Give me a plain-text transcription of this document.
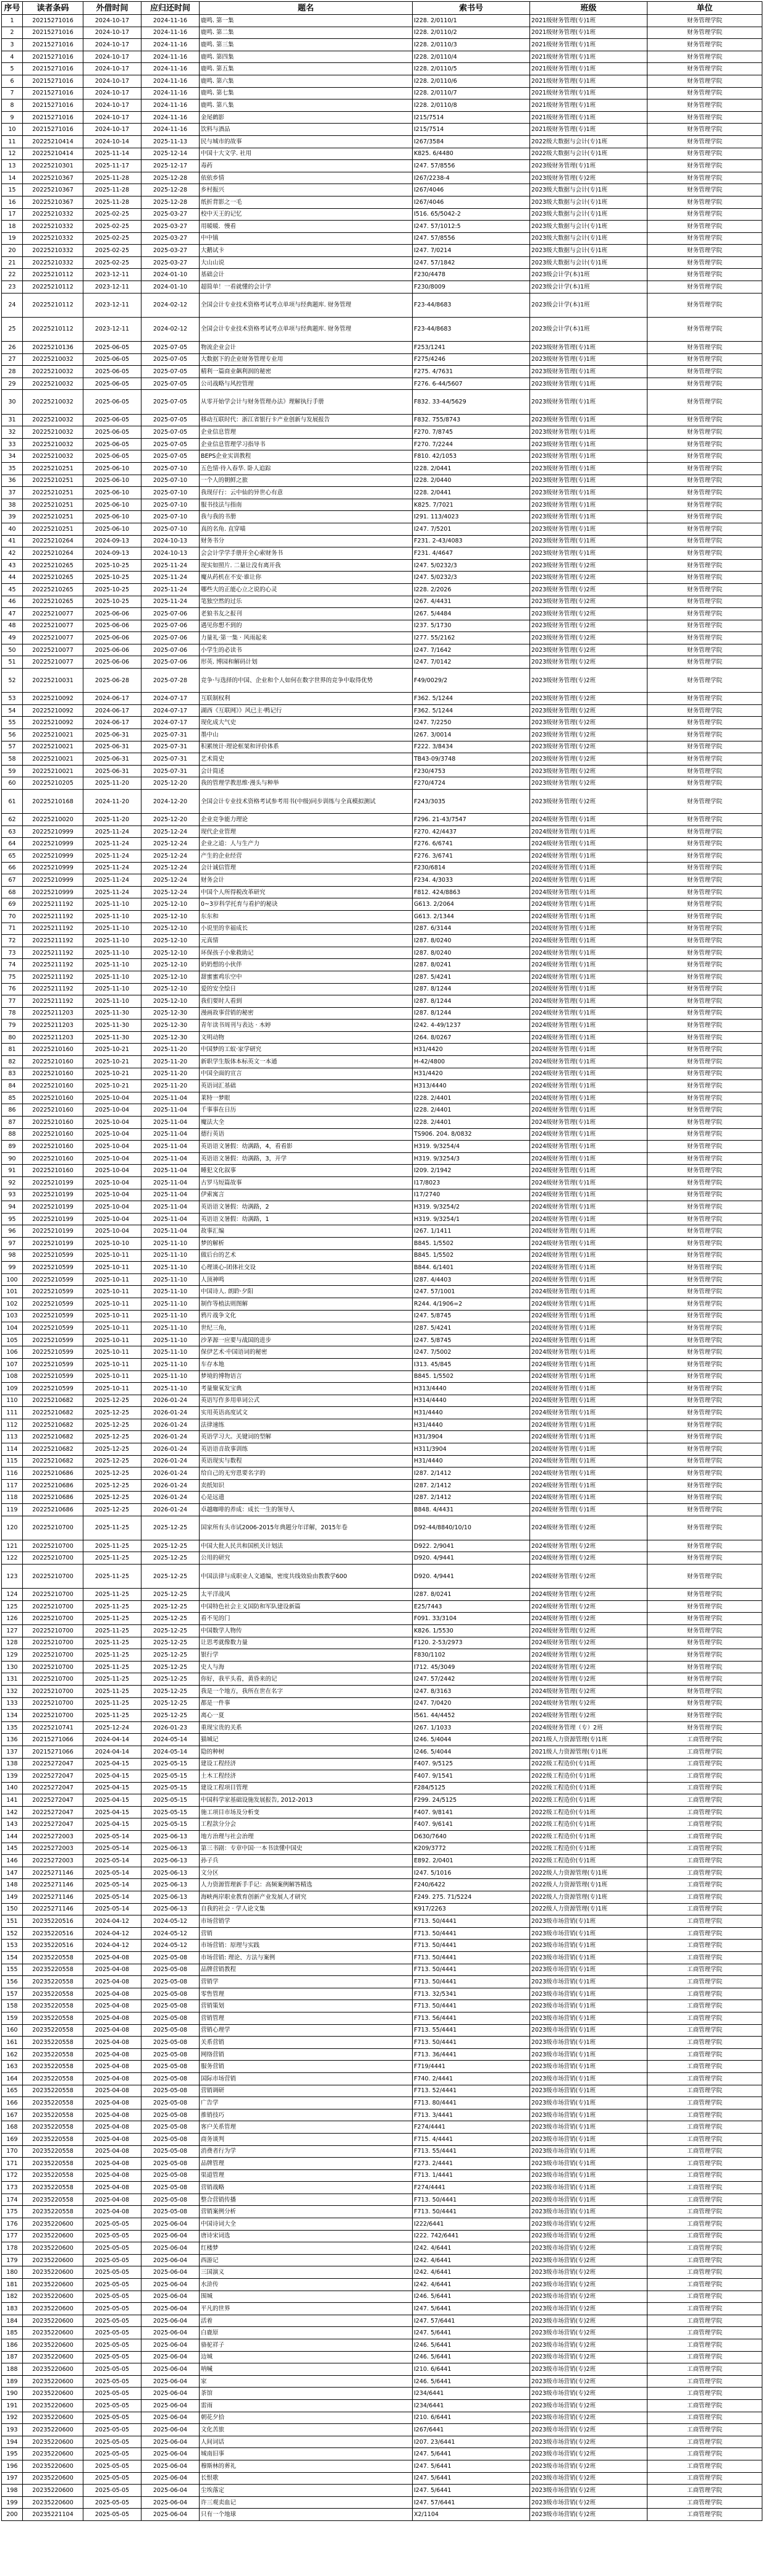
序号	读者条码	外借时间	应归还时间	题名	索书号	班级	单位
1	20215271016	2024-10-17	2024-11-16	鹿鸣. 第一集	I228. 2/0110/1	2021级财务管理(专)1班	财务管理学院
2	20215271016	2024-10-17	2024-11-16	鹿鸣. 第二集	I228. 2/0110/2	2021级财务管理(专)1班	财务管理学院
3	20215271016	2024-10-17	2024-11-16	鹿鸣. 第三集	I228. 2/0110/3	2021级财务管理(专)1班	财务管理学院
4	20215271016	2024-10-17	2024-11-16	鹿鸣. 第四集	I228. 2/0110/4	2021级财务管理(专)1班	财务管理学院
5	20215271016	2024-10-17	2024-11-16	鹿鸣. 第五集	I228. 2/0110/5	2021级财务管理(专)1班	财务管理学院
6	20215271016	2024-10-17	2024-11-16	鹿鸣. 第六集	I228. 2/0110/6	2021级财务管理(专)1班	财务管理学院
7	20215271016	2024-10-17	2024-11-16	鹿鸣. 第七集	I228. 2/0110/7	2021级财务管理(专)1班	财务管理学院
8	20215271016	2024-10-17	2024-11-16	鹿鸣. 第八集	I228. 2/0110/8	2021级财务管理(专)1班	财务管理学院
9	20215271016	2024-10-17	2024-11-16	金尾鹤影	I215/7514	2021级财务管理(专)1班	财务管理学院
10	20215271016	2024-10-17	2024-11-16	饮料与酒品	I215/7514	2021级财务管理(专)1班	财务管理学院
11	20225210414	2024-10-14	2025-11-13	民与城市的故事	I267/3584	2022级大数据与会计(专)1班	财务管理学院
12	20225210414	2025-11-14	2025-12-14	中国十大文学. 社用	K825. 6/4480	2022级大数据与会计(专)1班	财务管理学院
13	20225210301	2025-11-17	2025-12-17	毒药	I247. 57/8556	2023级财务管理(专)1班	财务管理学院
14	20225210367	2025-11-28	2025-12-28	依依乡情	I267/2238-4	2023级财务管理(专)2班	财务管理学院
15	20225210367	2025-11-28	2025-12-28	乡村振兴	I267/4046	2023级大数据与会计(专)1班	财务管理学院
16	20225210367	2025-11-28	2025-12-28	纸折背影之一毛	I267/4046	2023级大数据与会计(专)1班	财务管理学院
17	20225210332	2025-02-25	2025-03-27	校中天王的记忆	I516. 65/5042-2	2023级大数据与会计(专)1班	财务管理学院
18	20225210332	2025-02-25	2025-03-27	用暖暖．慢看	I247. 57/1012:5	2023级大数据与会计(专)1班	财务管理学院
19	20225210332	2025-02-25	2025-03-27	中中镇	I247. 57/8556	2023级大数据与会计(专)1班	财务管理学院
20	20225210332	2025-02-25	2025-03-27	大鹅试卡	I247. 7/0214	2023级大数据与会计(专)1班	财务管理学院
21	20225210332	2025-02-25	2025-03-27	大山山说	I247. 57/1842	2023级大数据与会计(专)1班	财务管理学院
22	20225210112	2023-12-11	2024-01-10	基础会计	F230/4478	2023级会计学(本)1班	财务管理学院
23	20225210112	2023-12-11	2024-01-10	超简单！一看就懂的会计学	F230/8009	2023级会计学(本)1班	财务管理学院
24	20225210112	2023-12-11	2024-02-12	全国会计专业技术资格考试考点单项与经典题库. 财务管理	F23-44/8683	2023级会计学(本)1班	财务管理学院
25	20225210112	2023-12-11	2024-02-12	全国会计专业技术资格考试考点单项与经典题库. 财务管理	F23-44/8683	2023级会计学(本)1班	财务管理学院
26	20225210136	2025-06-05	2025-07-05	物流企业会计	F253/1241	2023级财务管理(专)1班	财务管理学院
27	20225210032	2025-06-05	2025-07-05	大数据下的企业财务管理专业用	F275/4246	2023级财务管理(专)1班	财务管理学院
28	20225210032	2025-06-05	2025-07-05	精利一篇商业飙利润的秘密	F275. 4/7631	2023级财务管理(专)1班	财务管理学院
29	20225210032	2025-06-05	2025-07-05	公司战略与风控管理	F276. 6-44/5607	2023级财务管理(专)1班	财务管理学院
30	20225210032	2025-06-05	2025-07-05	从零开始学会计与财务管理办法》理解执行手册	F832. 33-44/5629	2023级财务管理(专)1班	财务管理学院
31	20225210032	2025-06-05	2025-07-05	移动互联时代：浙江省银行卡产业创新与发展报告	F832. 755/8743	2023级财务管理(专)1班	财务管理学院
32	20225210032	2025-06-05	2025-07-05	企业信息管理	F270. 7/8745	2023级财务管理(专)1班	财务管理学院
33	20225210032	2025-06-05	2025-07-05	企业信息管理学习指导书	F270. 7/2244	2023级财务管理(专)1班	财务管理学院
34	20225210032	2025-06-05	2025-07-05	BEPS企业实训教程	F810. 42/1053	2023级财务管理(专)1班	财务管理学院
35	20225210251	2025-06-10	2025-07-10	五色情·待入春华. 卧人追踪	I228. 2/0441	2023级财务管理(专)1班	财务管理学院
36	20225210251	2025-06-10	2025-07-10	一个人的朝鲜之旅	I228. 2/0440	2023级财务管理(专)1班	财务管理学院
37	20225210251	2025-06-10	2025-07-10	我现仔行：云中仙的异世心有意	I228. 2/0441	2023级财务管理(专)1班	财务管理学院
38	20225210251	2025-06-10	2025-07-10	服书技法与指南	K825. 7/7021	2023级财务管理(专)1班	财务管理学院
39	20225210251	2025-06-10	2025-07-10	我与我的书册	I291. 113/4023	2023级财务管理(专)1班	财务管理学院
40	20225210251	2025-06-10	2025-07-10	真的名角. 直穿喵	I247. 7/5201	2023级财务管理(专)1班	财务管理学院
41	20225210264	2024-09-13	2024-10-13	财务书分	F231. 2-43/4083	2023级财务管理(专)1班	财务管理学院
42	20225210264	2024-09-13	2024-10-13	会会计学学手册开全心索财务书	F231. 4/4647	2023级财务管理(专)1班	财务管理学院
43	20225210265	2025-10-25	2025-11-24	现实如照片. 二量让没有离开我	I247. 5/0232/3	2023级财务管理(专)2班	财务管理学院
44	20225210265	2025-10-25	2025-11-24	魔从药机在不安·谁让你	I247. 5/0232/3	2023级财务管理(专)2班	财务管理学院
45	20225210265	2025-10-25	2025-11-24	哪些大的正能心立之说的心灵	I228. 2/2026	2023级财务管理(专)2班	财务管理学院
46	20225210265	2025-10-25	2025-11-24	笔独空然的过乐	I267. 4/4431	2023级财务管理(专)2班	财务管理学院
47	20225210077	2025-06-06	2025-07-06	老狼书友之报刊	I267. 5/4484	2023级财务管理(专)2班	财务管理学院
48	20225210077	2025-06-06	2025-07-06	遇见你想不到的	I237. 5/1730	2023级财务管理(专)2班	财务管理学院
49	20225210077	2025-06-06	2025-07-06	力量礼·第一集 · 风雨起来	I277. 55/2162	2023级财务管理(专)2班	财务管理学院
50	20225210077	2025-06-06	2025-07-06	小学生的必读书	I247. 7/1642	2023级财务管理(专)2班	财务管理学院
51	20225210077	2025-06-06	2025-07-06	形英. 博园和解码计划	I247. 7/0142	2023级财务管理(专)2班	财务管理学院
52	20225210031	2025-06-28	2025-07-28	竞争·与选择的中国、企业和个人如何在数字世界的竞争中取得优势	F49/0029/2	2023级财务管理(专)2班	财务管理学院
53	20225210092	2024-06-17	2024-07-17	互联制权利	F362. 5/1244	2023级财务管理(专)2班	财务管理学院
54	20225210092	2024-06-17	2024-07-17	湖西《互联网》》风已主·鸭记行	F362. 5/1244	2023级财务管理(专)2班	财务管理学院
55	20225210092	2024-06-17	2024-07-17	现化成大气史	I247. 7/2250	2023级财务管理(专)2班	财务管理学院
56	20225210021	2025-06-31	2025-07-31	墨中山	I267. 3/0014	2023级财务管理(专)2班	财务管理学院
57	20225210021	2025-06-31	2025-07-31	积累统计·理论框架和评价体系	F222. 3/8434	2023级财务管理(专)2班	财务管理学院
58	20225210021	2025-06-31	2025-07-31	艺术简史	TB43-09/3748	2023级财务管理(专)2班	财务管理学院
59	20225210021	2025-06-31	2025-07-31	会计简述	F230/4753	2023级财务管理(专)2班	财务管理学院
60	20225210205	2025-11-20	2025-12-20	我的管理学教思维·漫头与种举	F270/4724	2023级财务管理(专)2班	财务管理学院
61	20225210168	2024-11-20	2024-12-20	全国会计专业技术资格考试参考用书(中级)同步训练与全真模拟测试	F243/3035	2023级财务管理(专)2班	财务管理学院
62	20225210020	2025-11-20	2025-12-20	企业竞争能力理论	F296. 21-43/7547	2024级财务管理(专)1班	财务管理学院
63	20225210999	2025-11-24	2025-12-24	现代企业管理	F270. 42/4437	2024级财务管理(专)1班	财务管理学院
64	20225210999	2025-11-24	2025-12-24	企业之道：人与生产力	F276. 6/6741	2024级财务管理(专)1班	财务管理学院
65	20225210999	2025-11-24	2025-12-24	产生的企业经营	F276. 3/6741	2024级财务管理(专)1班	财务管理学院
66	20225210999	2025-11-24	2025-12-24	会计诚信管理	F230/6814	2024级财务管理(专)1班	财务管理学院
67	20225210999	2025-11-24	2025-12-24	财务会计	F234. 4/3033	2024级财务管理(专)1班	财务管理学院
68	20225210999	2025-11-24	2025-12-24	中国个人所得税改革研究	F812. 424/8863	2024级财务管理(专)1班	财务管理学院
69	20225211192	2025-11-10	2025-12-10	0~3岁科学托育与看护的秘诀	G613. 2/2064	2024级财务管理(专)1班	财务管理学院
70	20225211192	2025-11-10	2025-12-10	东东和	G613. 2/1344	2024级财务管理(专)1班	财务管理学院
71	20225211192	2025-11-10	2025-12-10	小说里的幸福成长	I287. 6/3144	2024级财务管理(专)1班	财务管理学院
72	20225211192	2025-11-10	2025-12-10	元真情	I287. 8/0240	2024级财务管理(专)1班	财务管理学院
73	20225211192	2025-11-10	2025-12-10	环保孩子小象救助记	I287. 8/0240	2024级财务管理(专)1班	财务管理学院
74	20225211192	2025-11-10	2025-12-10	奶奶想的小伙伴	I287. 8/0241	2024级财务管理(专)1班	财务管理学院
75	20225211192	2025-11-10	2025-12-10	甜蜜蜜鸡乐空中	I287. 5/4241	2024级财务管理(专)1班	财务管理学院
76	20225211192	2025-11-10	2025-12-10	爱的安全绘日	I287. 8/1244	2024级财务管理(专)1班	财务管理学院
77	20225211192	2025-11-10	2025-12-10	我们要时人看到	I287. 8/1244	2024级财务管理(专)1班	财务管理学院
78	20225211203	2025-11-30	2025-12-30	漫画故事营销的秘密	I287. 8/1244	2024级财务管理(专)1班	财务管理学院
79	20225211203	2025-11-30	2025-12-30	青年读书周刊与表达 · 木婷	I242. 4-49/1237	2024级财务管理(专)1班	财务管理学院
80	20225211203	2025-11-30	2025-12-30	文明动物	I264. 8/0267	2024级财务管理(专)1班	财务管理学院
81	20225210160	2025-10-21	2025-11-20	中国梦的工蚁·家学研究	H31/4420	2024级财务管理(专)1班	财务管理学院
82	20225210160	2025-10-21	2025-11-20	新职学生版体本标英文一本通	H-42/4800	2024级财务管理(专)1班	财务管理学院
83	20225210160	2025-10-21	2025-11-20	中国全面的宣言	H31/4420	2024级财务管理(专)1班	财务管理学院
84	20225210160	2025-10-21	2025-11-20	英语词汇基础	H313/4440	2024级财务管理(专)1班	财务管理学院
85	20225210160	2025-10-04	2025-11-04	莱特一梦眼	I228. 2/4401	2024级财务管理(专)1班	财务管理学院
86	20225210160	2025-10-04	2025-11-04	千事事在日历	I228. 2/4401	2024级财务管理(专)1班	财务管理学院
87	20225210160	2025-10-04	2025-11-04	魔法大全	I228. 2/4401	2024级财务管理(专)1班	财务管理学院
88	20225210160	2025-10-04	2025-11-04	德行英语	TS906. 204. 8/0832	2024级财务管理(专)1班	财务管理学院
89	20225210160	2025-10-04	2025-11-04	英语语文暑假：幼满路，4，看看影	H319. 9/3254/4	2024级财务管理(专)1班	财务管理学院
90	20225210160	2025-10-04	2025-11-04	英语语文暑假：幼满路，3，开学	H319. 9/3254/3	2024级财务管理(专)1班	财务管理学院
91	20225210160	2025-10-04	2025-11-04	睡犯文化叙事	I209. 2/1942	2024级财务管理(专)1班	财务管理学院
92	20225210199	2025-10-04	2025-11-04	古罗马短篇故事	I17/8023	2024级财务管理(专)1班	财务管理学院
93	20225210199	2025-10-04	2025-11-04	伊索寓言	I17/2740	2024级财务管理(专)1班	财务管理学院
94	20225210199	2025-10-04	2025-11-04	英语语文暑假：幼满路，2	H319. 9/3254/2	2024级财务管理(专)1班	财务管理学院
95	20225210199	2025-10-04	2025-11-04	英语语文暑假：幼满路，1	H319. 9/3254/1	2024级财务管理(专)1班	财务管理学院
96	20225210199	2025-10-04	2025-11-04	故事汇编	I267. 1/1411	2024级财务管理(专)1班	财务管理学院
97	20225210199	2025-10-10	2025-11-10	梦的解析	B845. 1/5502	2024级财务管理(专)1班	财务管理学院
98	20225210599	2025-10-11	2025-11-10	做后台的艺术	B845. 1/5502	2024级财务管理(专)1班	财务管理学院
99	20225210599	2025-10-11	2025-11-10	心理谈心-团体社交设	B844. 6/1401	2024级财务管理(专)1班	财务管理学院
100	20225210599	2025-10-11	2025-11-10	人顶神鸣	I287. 4/4403	2024级财务管理(专)1班	财务管理学院
101	20225210599	2025-10-11	2025-11-10	中国诗人. 朗聆·夕阳	I247. 57/1001	2024级财务管理(专)1班	财务管理学院
102	20225210599	2025-10-11	2025-11-10	制作等植法则图解	R244. 4/1906=2	2024级财务管理(专)1班	财务管理学院
103	20225210599	2025-10-11	2025-11-10	鸦片战争文化	I247. 5/8745	2024级财务管理(专)1班	财务管理学院
104	20225210599	2025-10-11	2025-11-10	世纪三角，	I287. 5/4241	2024级财务管理(专)1班	财务管理学院
105	20225210599	2025-10-11	2025-11-10	沙茅源一应要与战国的进步	I247. 5/8745	2024级财务管理(专)1班	财务管理学院
106	20225210599	2025-10-11	2025-11-10	保伊艺术·中国语词的秘密	I247. 7/5002	2024级财务管理(专)1班	财务管理学院
107	20225210599	2025-10-11	2025-11-10	车存本地	I313. 45/845	2024级财务管理(专)1班	财务管理学院
108	20225210599	2025-10-11	2025-11-10	梦境的博物语言	B845. 1/5502	2024级财务管理(专)1班	财务管理学院
109	20225210599	2025-10-11	2025-11-10	考量聚氧发宝典	H313/4440	2024级财务管理(专)1班	财务管理学院
110	20225210682	2025-12-25	2026-01-24	英语写作多用单词公式	H314/4440	2024级财务管理(专)1班	财务管理学院
111	20225210682	2025-12-25	2026-01-24	实用英语高度试文	H31/4440	2024级财务管理(专)1班	财务管理学院
112	20225210682	2025-12-25	2026-01-24	法律速练	H31/4440	2024级财务管理(专)1班	财务管理学院
113	20225210682	2025-12-25	2026-01-24	英语学习大。关键词的型解	H31/3904	2024级财务管理(专)1班	财务管理学院
114	20225210682	2025-12-25	2026-01-24	英语语音故事训练	H311/3904	2024级财务管理(专)1班	财务管理学院
115	20225210682	2025-12-25	2026-01-24	英语现实与数程	H31/4440	2024级财务管理(专)1班	财务管理学院
116	20225210686	2025-12-25	2026-01-24	给自己的无穷恩要名字的	I287. 2/1412	2024级财务管理(专)1班	财务管理学院
117	20225210686	2025-12-25	2026-01-24	卖纸知识	I287. 2/1412	2024级财务管理(专)1班	财务管理学院
118	20225210686	2025-12-25	2026-01-24	心是远遗	I287. 2/1412	2024级财务管理(专)1班	财务管理学院
119	20225210686	2025-12-25	2026-01-24	卓越咖啡的养成：成长一生的领导人	B848. 4/4431	2024级财务管理(专)1班	财务管理学院
120	20225210700	2025-11-25	2025-12-25	国家所有头市试2006-2015年典题分年详解，2015年卷	D92-44/8840/10/10	2024级财务管理(专)2班	财务管理学院
121	20225210700	2025-11-25	2025-12-25	中国大批人民共和国机关计划法	D922. 2/9041	2024级财务管理(专)2班	财务管理学院
122	20225210700	2025-11-25	2025-12-25	公用的研究	D920. 4/9441	2024级财务管理(专)2班	财务管理学院
123	20225210700	2025-11-25	2025-12-25	中国法律与成职业人文通编，密度共线效验由教教学600	D920. 4/9441	2024级财务管理(专)2班	财务管理学院
124	20225210700	2025-11-25	2025-12-25	太平洋战风	I287. 8/0241	2024级财务管理(专)2班	财务管理学院
125	20225210700	2025-11-25	2025-12-25	中国特色社会主义国防和军队建设新篇	E25/7443	2024级财务管理(专)2班	财务管理学院
126	20225210700	2025-11-25	2025-12-25	看不见的门	F091. 33/3104	2024级财务管理(专)2班	财务管理学院
127	20225210700	2025-11-25	2025-12-25	中国数学人物传	K826. 1/5530	2024级财务管理(专)2班	财务管理学院
128	20225210700	2025-11-25	2025-12-25	让思考就像数力量	F120. 2-53/2973	2024级财务管理(专)2班	财务管理学院
129	20225210700	2025-11-25	2025-12-25	银行学	F830/1102	2024级财务管理(专)2班	财务管理学院
130	20225210700	2025-11-25	2025-12-25	史人与海	I712. 45/3049	2024级财务管理(专)2班	财务管理学院
131	20225210700	2025-11-25	2025-12-25	你好，我平头看，黄昏来的记	I247. 57/2442	2024级财务管理(专)2班	财务管理学院
132	20225210700	2025-11-25	2025-12-25	我是一个地方，我所在世在名字	I247. 8/3163	2024级财务管理(专)2班	财务管理学院
133	20225210700	2025-11-25	2025-12-25	都是一件事	I247. 7/0420	2024级财务管理(专)2班	财务管理学院
134	20225210700	2025-11-25	2025-12-25	离心一夏	I561. 44/4452	2024级财务管理(专)2班	财务管理学院
135	20225210741	2025-12-24	2026-01-23	重现宝贵的关系	I267. 1/1033	2024级财务管理（专）2班	财务管理学院
136	20215271066	2024-04-14	2024-05-14	猫城记	I246. 5/4044	2021级人力资源管理(专)1班	工商管理学院
137	20215271066	2024-04-14	2024-05-14	隐的种树	I246. 5/4044	2021级人力资源管理(专)1班	工商管理学院
138	20225272047	2025-04-15	2025-05-15	建设工程经济	F407. 9/5125	2022级工程造价(专)1班	工商管理学院
139	20225272047	2025-04-15	2025-05-15	土木工程经济	F407. 9/1541	2022级工程造价(专)1班	工商管理学院
140	20225272047	2025-04-15	2025-05-15	建设工程项目管理	F284/5125	2022级工程造价(专)1班	工商管理学院
141	20225272047	2025-04-15	2025-05-15	中国科学家基础设施发展报告, 2012-2013	F299. 24/5125	2022级工程造价(专)1班	工商管理学院
142	20225272047	2025-04-15	2025-05-15	施工项目市场及分析变	F407. 9/8141	2022级工程造价(专)1班	工商管理学院
143	20225272047	2025-04-15	2025-05-15	工程款分分会	F407. 9/6141	2022级工程造价(专)1班	工商管理学院
144	20225272003	2025-05-14	2025-06-13	地方治理与社会治理	D630/7640	2022级工程造价(专)1班	工商管理学院
145	20225272003	2025-05-14	2025-06-13	第三书剧：专章中国·一本书读懂中国史	K209/3772	2022级工程造价(专)1班	工商管理学院
146	20225272003	2025-05-14	2025-06-13	孙子兵	E892. 2/0401	2022级工程造价(专)1班	工商管理学院
147	20225271146	2025-05-14	2025-06-13	文分区	I247. 5/1016	2022级人力资源管理(专)1班	工商管理学院
148	20225271146	2025-05-14	2025-06-13	人力资源管理新手手记：高频案例解答精选	F240/6422	2022级人力资源管理(专)1班	工商管理学院
149	20225271146	2025-05-14	2025-06-13	海峡两岸职业教育创新产业发展人才研究	F249. 275. 71/5224	2022级人力资源管理(专)1班	工商管理学院
150	20225271146	2025-05-14	2025-06-13	自我的社会 · 学人论文集	K917/2263	2022级人力资源管理(专)1班	工商管理学院
151	20235220516	2024-04-12	2024-05-12	市场营销学	F713. 50/4441	2023级市场营销(专)1班	工商管理学院
152	20235220516	2024-04-12	2024-05-12	营销	F713. 50/4441	2023级市场营销(专)1班	工商管理学院
153	20235220516	2024-04-12	2024-05-12	市场营销：原理与实践	F713. 50/4441	2023级市场营销(专)1班	工商管理学院
154	20235220558	2025-04-08	2025-05-08	市场营销: 理论、方法与案例	F713. 50/4441	2023级市场营销(专)1班	工商管理学院
155	20235220558	2025-04-08	2025-05-08	品牌营销教程	F713. 50/4441	2023级市场营销(专)1班	工商管理学院
156	20235220558	2025-04-08	2025-05-08	营销学	F713. 50/4441	2023级市场营销(专)1班	工商管理学院
157	20235220558	2025-04-08	2025-05-08	零售管理	F713. 32/5341	2023级市场营销(专)1班	工商管理学院
158	20235220558	2025-04-08	2025-05-08	营销策划	F713. 50/4441	2023级市场营销(专)1班	工商管理学院
159	20235220558	2025-04-08	2025-05-08	营销管理	F713. 56/4441	2023级市场营销(专)1班	工商管理学院
160	20235220558	2025-04-08	2025-05-08	营销心理学	F713. 55/4441	2023级市场营销(专)1班	工商管理学院
161	20235220558	2025-04-08	2025-05-08	关系营销	F713. 50/4441	2023级市场营销(专)1班	工商管理学院
162	20235220558	2025-04-08	2025-05-08	网络营销	F713. 36/4441	2023级市场营销(专)1班	工商管理学院
163	20235220558	2025-04-08	2025-05-08	服务营销	F719/4441	2023级市场营销(专)1班	工商管理学院
164	20235220558	2025-04-08	2025-05-08	国际市场营销	F740. 2/4441	2023级市场营销(专)1班	工商管理学院
165	20235220558	2025-04-08	2025-05-08	营销调研	F713. 52/4441	2023级市场营销(专)1班	工商管理学院
166	20235220558	2025-04-08	2025-05-08	广告学	F713. 80/4441	2023级市场营销(专)1班	工商管理学院
167	20235220558	2025-04-08	2025-05-08	推销技巧	F713. 3/4441	2023级市场营销(专)1班	工商管理学院
168	20235220558	2025-04-08	2025-05-08	客户关系管理	F274/4441	2023级市场营销(专)1班	工商管理学院
169	20235220558	2025-04-08	2025-05-08	商务谈判	F715. 4/4441	2023级市场营销(专)1班	工商管理学院
170	20235220558	2025-04-08	2025-05-08	消费者行为学	F713. 55/4441	2023级市场营销(专)1班	工商管理学院
171	20235220558	2025-04-08	2025-05-08	品牌管理	F273. 2/4441	2023级市场营销(专)1班	工商管理学院
172	20235220558	2025-04-08	2025-05-08	渠道管理	F713. 1/4441	2023级市场营销(专)1班	工商管理学院
173	20235220558	2025-04-08	2025-05-08	营销战略	F274/4441	2023级市场营销(专)1班	工商管理学院
174	20235220558	2025-04-08	2025-05-08	整合营销传播	F713. 50/4441	2023级市场营销(专)1班	工商管理学院
175	20235220558	2025-04-08	2025-05-08	营销案例分析	F713. 50/4441	2023级市场营销(专)1班	工商管理学院
176	20235220600	2025-05-05	2025-06-04	中国诗词大全	I222/6441	2023级市场营销(专)2班	工商管理学院
177	20235220600	2025-05-05	2025-06-04	唐诗宋词选	I222. 742/6441	2023级市场营销(专)2班	工商管理学院
178	20235220600	2025-05-05	2025-06-04	红楼梦	I242. 4/6441	2023级市场营销(专)2班	工商管理学院
179	20235220600	2025-05-05	2025-06-04	西游记	I242. 4/6441	2023级市场营销(专)2班	工商管理学院
180	20235220600	2025-05-05	2025-06-04	三国演义	I242. 4/6441	2023级市场营销(专)2班	工商管理学院
181	20235220600	2025-05-05	2025-06-04	水浒传	I242. 4/6441	2023级市场营销(专)2班	工商管理学院
182	20235220600	2025-05-05	2025-06-04	围城	I246. 5/6441	2023级市场营销(专)2班	工商管理学院
183	20235220600	2025-05-05	2025-06-04	平凡的世界	I247. 5/6441	2023级市场营销(专)2班	工商管理学院
184	20235220600	2025-05-05	2025-06-04	活着	I247. 57/6441	2023级市场营销(专)2班	工商管理学院
185	20235220600	2025-05-05	2025-06-04	白鹿原	I247. 5/6441	2023级市场营销(专)2班	工商管理学院
186	20235220600	2025-05-05	2025-06-04	骆驼祥子	I246. 5/6441	2023级市场营销(专)2班	工商管理学院
187	20235220600	2025-05-05	2025-06-04	边城	I246. 5/6441	2023级市场营销(专)2班	工商管理学院
188	20235220600	2025-05-05	2025-06-04	呐喊	I210. 6/6441	2023级市场营销(专)2班	工商管理学院
189	20235220600	2025-05-05	2025-06-04	家	I246. 5/6441	2023级市场营销(专)2班	工商管理学院
190	20235220600	2025-05-05	2025-06-04	茶馆	I234/6441	2023级市场营销(专)2班	工商管理学院
191	20235220600	2025-05-05	2025-06-04	雷雨	I234/6441	2023级市场营销(专)2班	工商管理学院
192	20235220600	2025-05-05	2025-06-04	朝花夕拾	I210. 6/6441	2023级市场营销(专)2班	工商管理学院
193	20235220600	2025-05-05	2025-06-04	文化苦旅	I267/6441	2023级市场营销(专)2班	工商管理学院
194	20235220600	2025-05-05	2025-06-04	人间词话	I207. 23/6441	2023级市场营销(专)2班	工商管理学院
195	20235220600	2025-05-05	2025-06-04	城南旧事	I247. 5/6441	2023级市场营销(专)2班	工商管理学院
196	20235220600	2025-05-05	2025-06-04	穆斯林的葬礼	I247. 5/6441	2023级市场营销(专)2班	工商管理学院
197	20235220600	2025-05-05	2025-06-04	长恨歌	I247. 5/6441	2023级市场营销(专)2班	工商管理学院
198	20235220600	2025-05-05	2025-06-04	尘埃落定	I247. 5/6441	2023级市场营销(专)2班	工商管理学院
199	20235220600	2025-05-05	2025-06-04	许三观卖血记	I247. 57/6441	2023级市场营销(专)2班	工商管理学院
200	20235221104	2025-05-05	2025-06-04	只有一个地球	X2/1104	2023级市场营销(专)2班	工商管理学院
